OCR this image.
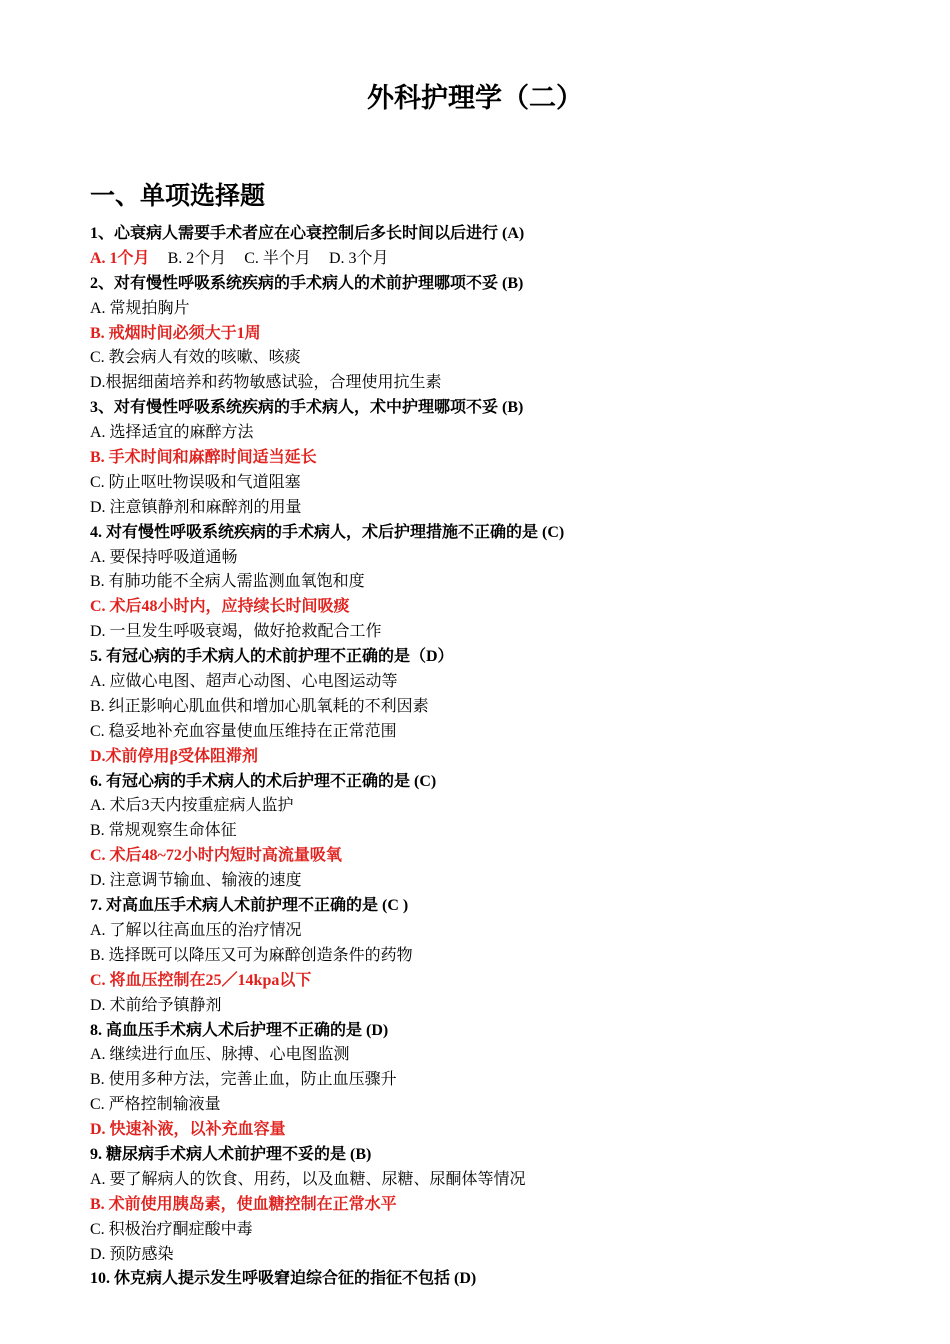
外科护理学（二）
一、单项选择题
1、心衰病人需要手术者应在心衰控制后多长时间以后进行 (A)
A. 1个月 B. 2个月 C. 半个月 D. 3个月
2、对有慢性呼吸系统疾病的手术病人的术前护理哪项不妥 (B)
A. 常规拍胸片
B. 戒烟时间必须大于1周
C. 教会病人有效的咳嗽、咳痰
D.根据细菌培养和药物敏感试验，合理使用抗生素
3、对有慢性呼吸系统疾病的手术病人，术中护理哪项不妥 (B)
A. 选择适宜的麻醉方法
B. 手术时间和麻醉时间适当延长
C. 防止呕吐物误吸和气道阻塞
D. 注意镇静剂和麻醉剂的用量
4. 对有慢性呼吸系统疾病的手术病人，术后护理措施不正确的是 (C)
A. 要保持呼吸道通畅
B. 有肺功能不全病人需监测血氧饱和度
C. 术后48小时内，应持续长时间吸痰
D. 一旦发生呼吸衰竭，做好抢救配合工作
5. 有冠心病的手术病人的术前护理不正确的是（D）
A. 应做心电图、超声心动图、心电图运动等
B. 纠正影响心肌血供和增加心肌氧耗的不利因素
C. 稳妥地补充血容量使血压维持在正常范围
D.术前停用β受体阻滞剂
6. 有冠心病的手术病人的术后护理不正确的是 (C)
A. 术后3天内按重症病人监护
B. 常规观察生命体征
C. 术后48~72小时内短时高流量吸氧
D. 注意调节输血、输液的速度
7. 对高血压手术病人术前护理不正确的是 (C )
A. 了解以往高血压的治疗情况
B. 选择既可以降压又可为麻醉创造条件的药物
C. 将血压控制在25／14kpa以下
D. 术前给予镇静剂
8. 高血压手术病人术后护理不正确的是 (D)
A. 继续进行血压、脉搏、心电图监测
B. 使用多种方法，完善止血，防止血压骤升
C. 严格控制输液量
D. 快速补液，以补充血容量
9. 糖尿病手术病人术前护理不妥的是 (B)
A. 要了解病人的饮食、用药，以及血糖、尿糖、尿酮体等情况
B. 术前使用胰岛素，使血糖控制在正常水平
C. 积极治疗酮症酸中毒
D. 预防感染
10. 休克病人提示发生呼吸窘迫综合征的指征不包括 (D)
